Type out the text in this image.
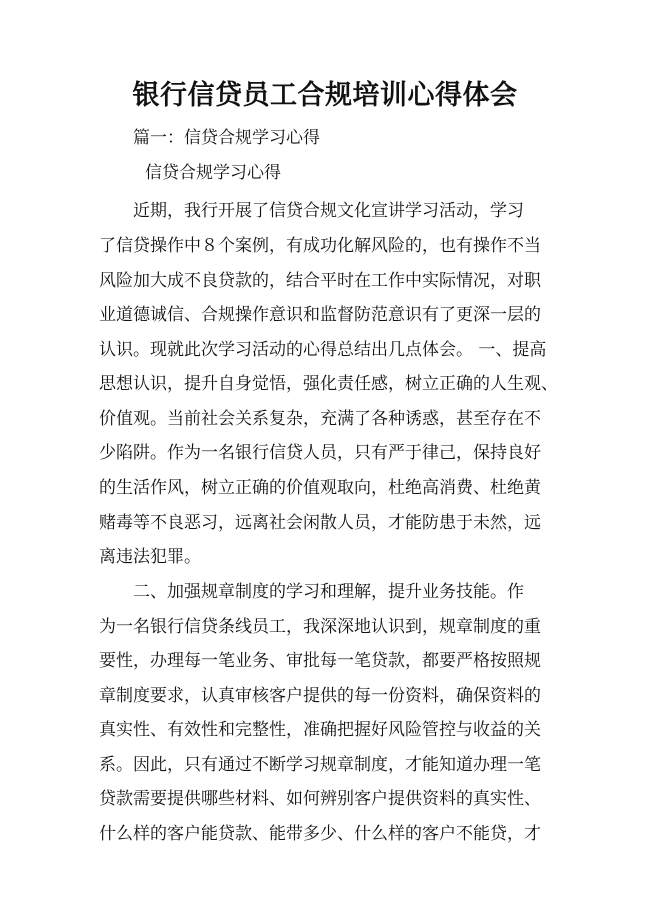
银行信贷员工合规培训心得体会
篇一：信贷合规学习心得
信贷合规学习心得
　　近期，我行开展了信贷合规文化宣讲学习活动，学习
了信贷操作中８个案例，有成功化解风险的，也有操作不当
风险加大成不良贷款的，结合平时在工作中实际情况，对职
业道德诚信、合规操作意识和监督防范意识有了更深一层的
认识。现就此次学习活动的心得总结出几点体会。 一、提高
思想认识，提升自身觉悟，强化责任感，树立正确的人生观、
价值观。当前社会关系复杂，充满了各种诱惑，甚至存在不
少陷阱。作为一名银行信贷人员，只有严于律己，保持良好
的生活作风，树立正确的价值观取向，杜绝高消费、杜绝黄
赌毒等不良恶习，远离社会闲散人员，才能防患于未然，远
离违法犯罪。
　　二、加强规章制度的学习和理解，提升业务技能。作
为一名银行信贷条线员工，我深深地认识到，规章制度的重
要性，办理每一笔业务、审批每一笔贷款，都要严格按照规
章制度要求，认真审核客户提供的每一份资料，确保资料的
真实性、有效性和完整性，准确把握好风险管控与收益的关
系。因此，只有通过不断学习规章制度，才能知道办理一笔
贷款需要提供哪些材料、如何辨别客户提供资料的真实性、
什么样的客户能贷款、能带多少、什么样的客户不能贷，才
